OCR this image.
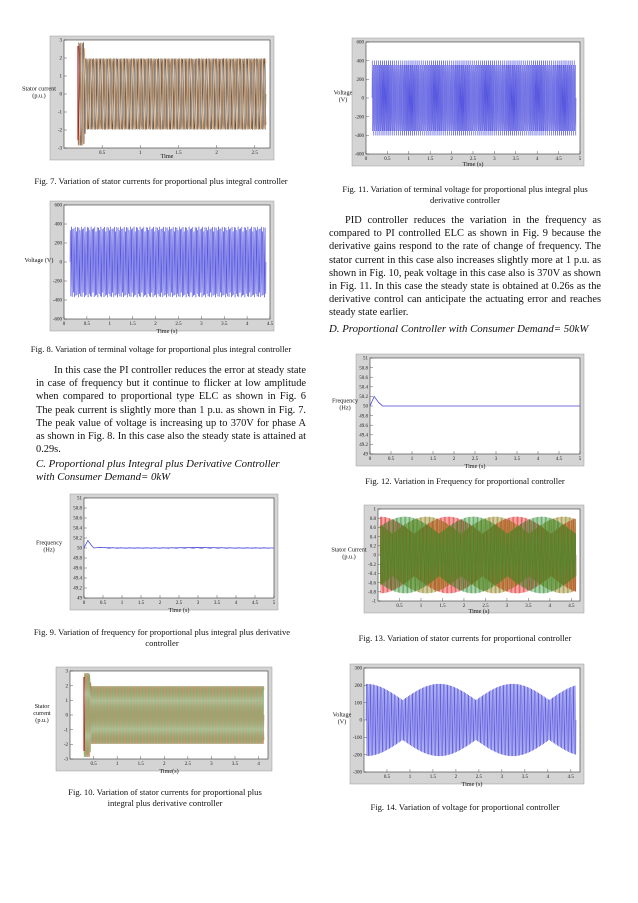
3
2
1
0
-1
-2
-3
0.5	1	1.5	2	2.5
Time
Stator current
(p.u.)
Fig. 7. Variation of stator currents for proportional plus integral controller
600
400
200
0
-200
-400
-600
0	0.5	1	1.5	2	2.5	3	3.5	4	4.5
Time (s)
Voltage (V)
Fig. 8. Variation of terminal voltage for proportional plus integral controller
In this case the PI controller reduces the error at steady state in case of frequency but it continue to flicker at low amplitude when compared to proportional type ELC as shown in Fig. 6 The peak current is slightly more than 1 p.u. as shown in Fig. 7. The peak value of voltage is increasing up to 370V for phase A as shown in Fig. 8. In this case also the steady state is attained at 0.29s.
C. Proportional plus Integral plus Derivative Controller with Consumer Demand= 0kW
51
50.8
50.6
50.4
50.2
50
49.8
49.6
49.4
49.2
49
0	0.5	1	1.5	2	2.5	3	3.5	4	4.5	5
Time (s)
Frequency
(Hz)
Fig. 9. Variation of frequency for proportional plus integral plus derivative controller
3
2
1
0
-1
-2
-3
0.5	1	1.5	2	2.5	3	3.5	4
Time(s)
Stator
current
(p.u.)
Fig. 10. Variation of stator currents for proportional plus integral plus derivative controller
600
400
200
0
-200
-400
-600
0	0.5	1	1.5	2	2.5	3	3.5	4	4.5	5
Time (s)
Voltage
(V)
Fig. 11. Variation of terminal voltage for proportional plus integral plus derivative controller
PID controller reduces the variation in the frequency as compared to PI controlled ELC as shown in Fig. 9 because the derivative gains respond to the rate of change of frequency. The stator current in this case also increases slightly more at 1 p.u. as shown in Fig. 10, peak voltage in this case also is 370V as shown in Fig. 11. In this case the steady state is obtained at 0.26s as the derivative control can anticipate the actuating error and reaches steady state earlier.
D. Proportional Controller with Consumer Demand= 50kW
51
50.8
50.6
50.4
50.2
50
49.8
49.6
49.4
49.2
49
0	0.5	1	1.5	2	2.5	3	3.5	4	4.5	5
Time (s)
Frequency
(Hz)
Fig. 12. Variation in Frequency for proportional controller
1
0.8
0.6
0.4
0.2
0
-0.2
-0.4
-0.6
-0.8
-1
0.5	1	1.5	2	2.5	3	3.5	4	4.5
Time (s)
Stator Current
(p.u.)
Fig. 13. Variation of stator currents for proportional controller
300
200
100
0
-100
-200
-300
0.5	1	1.5	2	2.5	3	3.5	4	4.5
Time (s)
Voltage
(V)
Fig. 14. Variation of voltage for proportional controller
